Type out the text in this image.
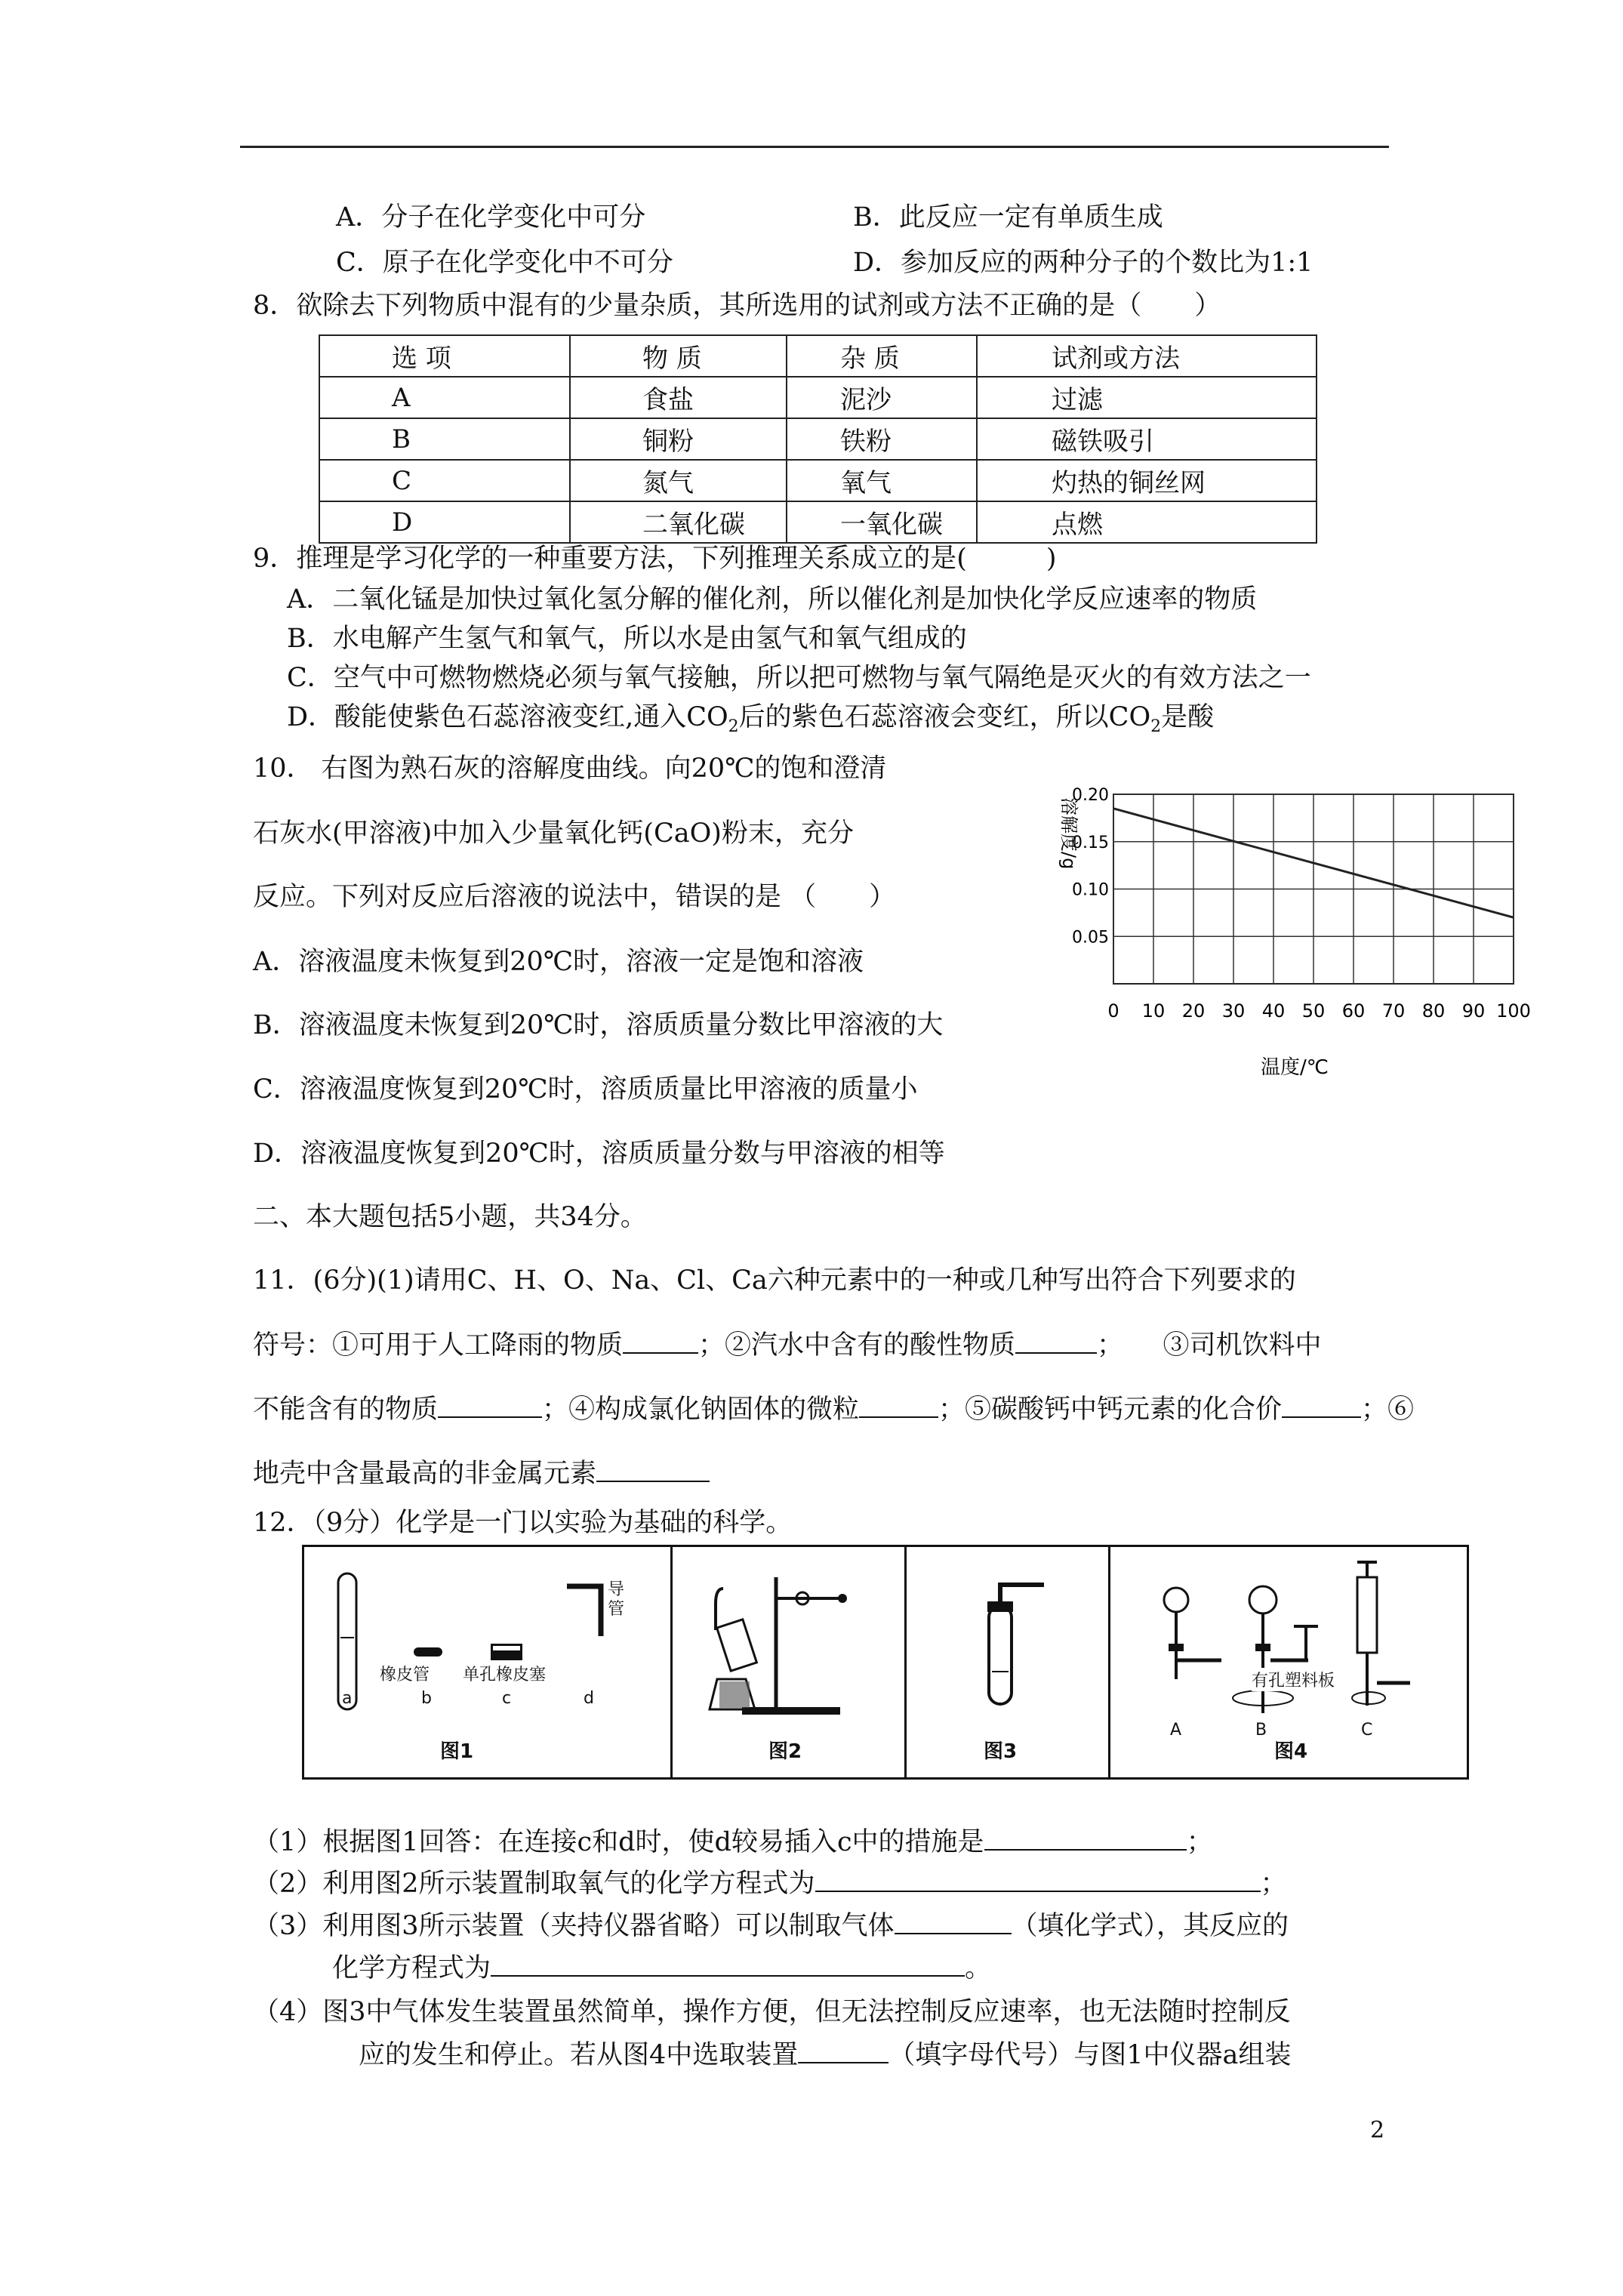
A．分子在化学变化中可分	B．此反应一定有单质生成
C．原子在化学变化中不可分	D．参加反应的两种分子的个数比为1:1
8．欲除去下列物质中混有的少量杂质，其所选用的试剂或方法不正确的是（　　）
选 项	物 质	杂 质	试剂或方法
A	食盐	泥沙	过滤
B	铜粉	铁粉	磁铁吸引
C	氮气	氧气	灼热的铜丝网
D	二氧化碳	一氧化碳	点燃
9．推理是学习化学的一种重要方法，下列推理关系成立的是(　　　)
A．二氧化锰是加快过氧化氢分解的催化剂，所以催化剂是加快化学反应速率的物质
B．水电解产生氢气和氧气，所以水是由氢气和氧气组成的
C．空气中可燃物燃烧必须与氧气接触，所以把可燃物与氧气隔绝是灭火的有效方法之一
D．酸能使紫色石蕊溶液变红,通入$CO_2$后的紫色石蕊溶液会变红，所以$CO_2$是酸
10． 右图为熟石灰的溶解度曲线。向20℃的饱和澄清
石灰水(甲溶液)中加入少量氧化钙(CaO)粉末，充分
反应。下列对反应后溶液的说法中，错误的是 （　　）
A．溶液温度未恢复到20℃时，溶液一定是饱和溶液
B．溶液温度未恢复到20℃时，溶质质量分数比甲溶液的大
C．溶液温度恢复到20℃时，溶质质量比甲溶液的质量小
D．溶液温度恢复到20℃时，溶质质量分数与甲溶液的相等
0 10 20 30 40 50 60 70 80 90 100
0.05
0.10
0.15
0.20
溶解度/g
温度/℃
二、本大题包括5小题，共34分。
11．(6分)(1)请用C、H、O、Na、Cl、Ca六种元素中的一种或几种写出符合下列要求的
符号：①可用于人工降雨的物质	；②汽水中含有的酸性物质	；　　③司机饮料中
不能含有的物质	；④构成氯化钠固体的微粒	；⑤碳酸钙中钙元素的化合价	；⑥
地壳中含量最高的非金属元素
12．（9分）化学是一门以实验为基础的科学。
橡皮管 单孔橡皮塞
导管
a	b	c	d
图1	图2	图3
有孔塑料板
A	B	C
图4
（1）根据图1回答：在连接c和d时，使d较易插入c中的措施是	；
（2）利用图2所示装置制取氧气的化学方程式为	；
（3）利用图3所示装置（夹持仪器省略）可以制取气体	（填化学式），其反应的
化学方程式为	。
（4）图3中气体发生装置虽然简单，操作方便，但无法控制反应速率，也无法随时控制反
应的发生和停止。若从图4中选取装置	（填字母代号）与图1中仪器a组装
2
